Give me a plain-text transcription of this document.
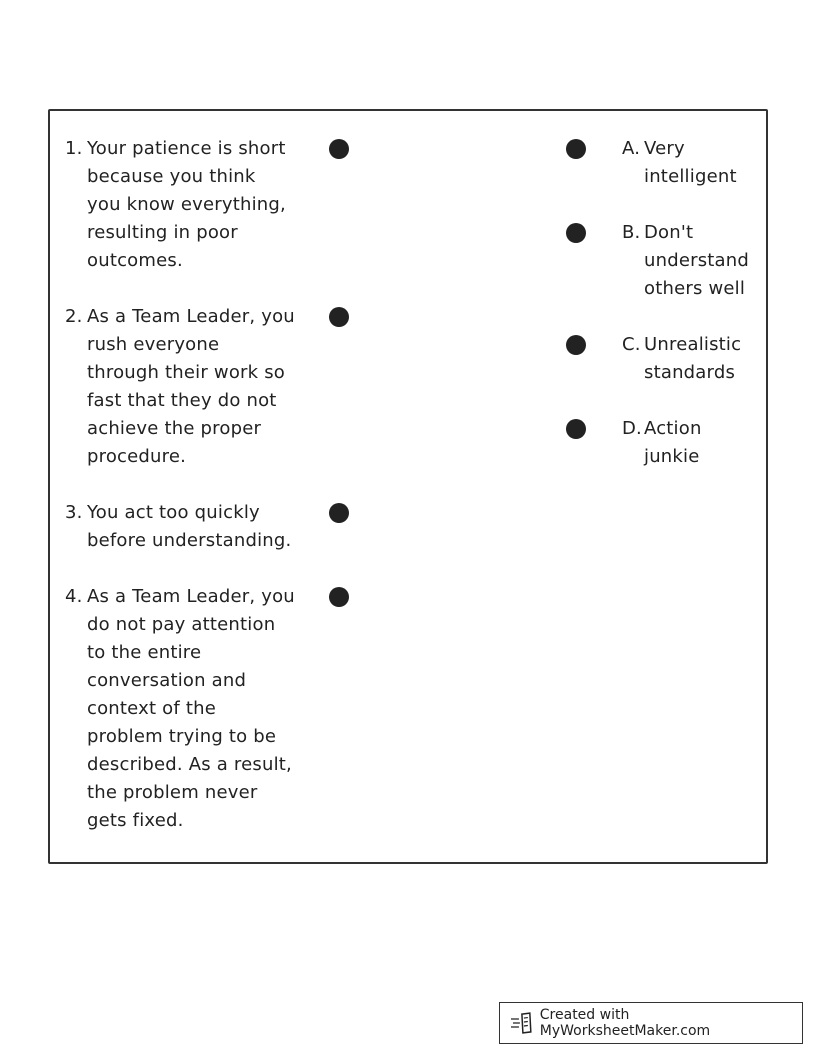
1. Your patience is short because you think you know everything, resulting in poor outcomes.
2. As a Team Leader, you rush everyone through their work so fast that they do not achieve the proper procedure.
3. You act too quickly before understanding.
4. As a Team Leader, you do not pay attention to the entire conversation and context of the problem trying to be described. As a result, the problem never gets fixed.
A. Very intelligent
B. Don't understand others well
C. Unrealistic standards
D. Action junkie
Created with MyWorksheetMaker.com
